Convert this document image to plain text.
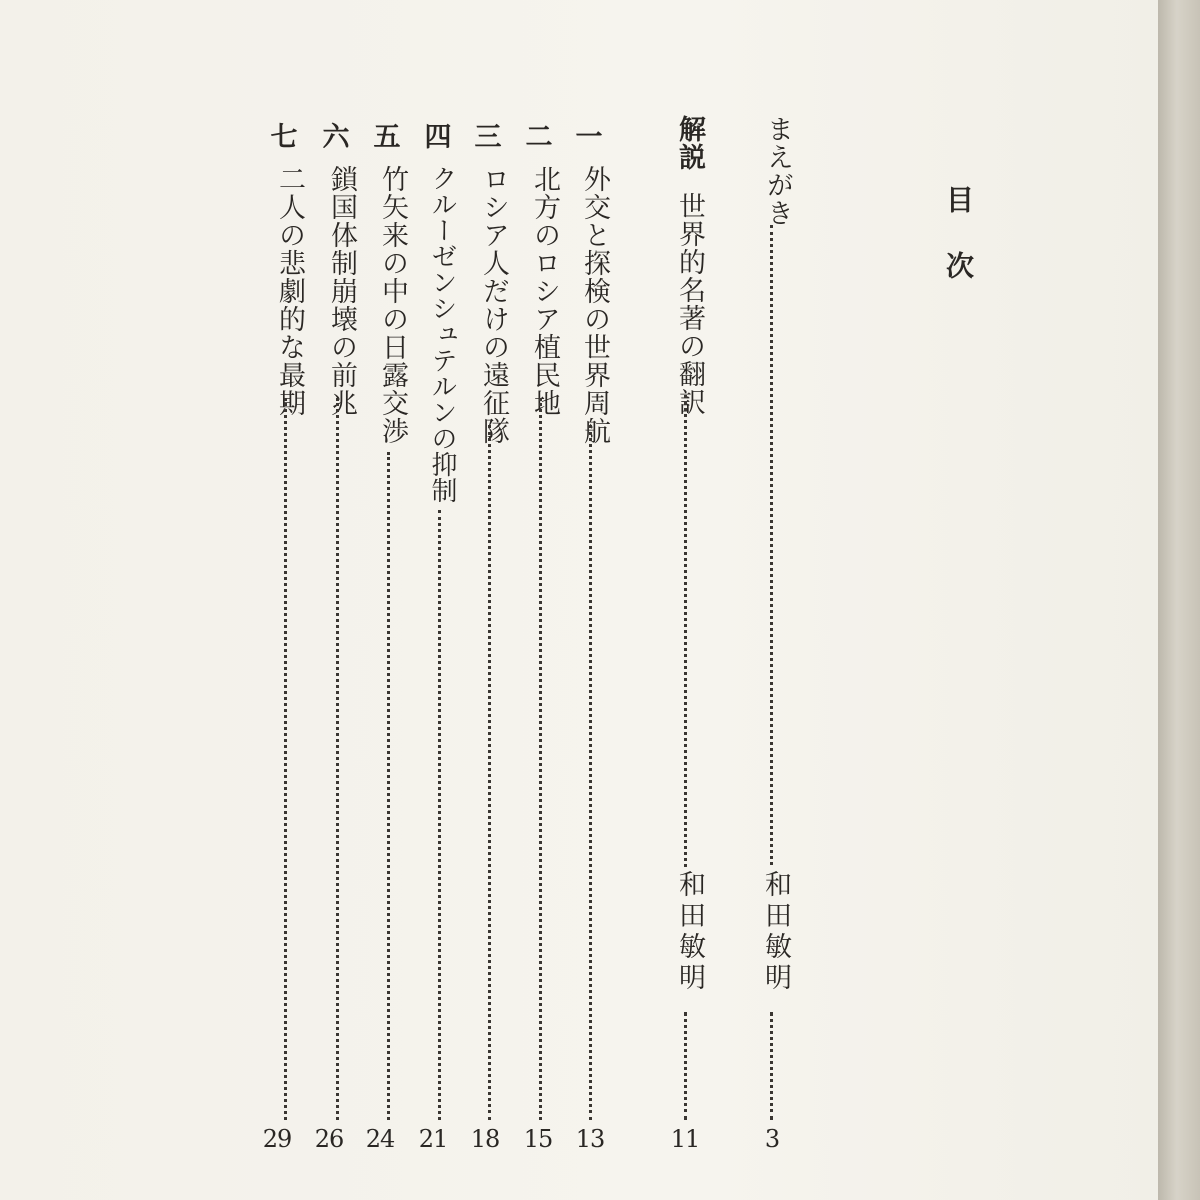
目次
まえがき
和田敏明
3
解説
世界的名著の翻訳
和田敏明
11
一
外交と探検の世界周航
13
二
北方のロシア植民地
15
三
ロシア人だけの遠征隊
18
四
クルーゼンシュテルンの抑制
21
五
竹矢来の中の日露交渉
24
六
鎖国体制崩壊の前兆
26
七
二人の悲劇的な最期
29
